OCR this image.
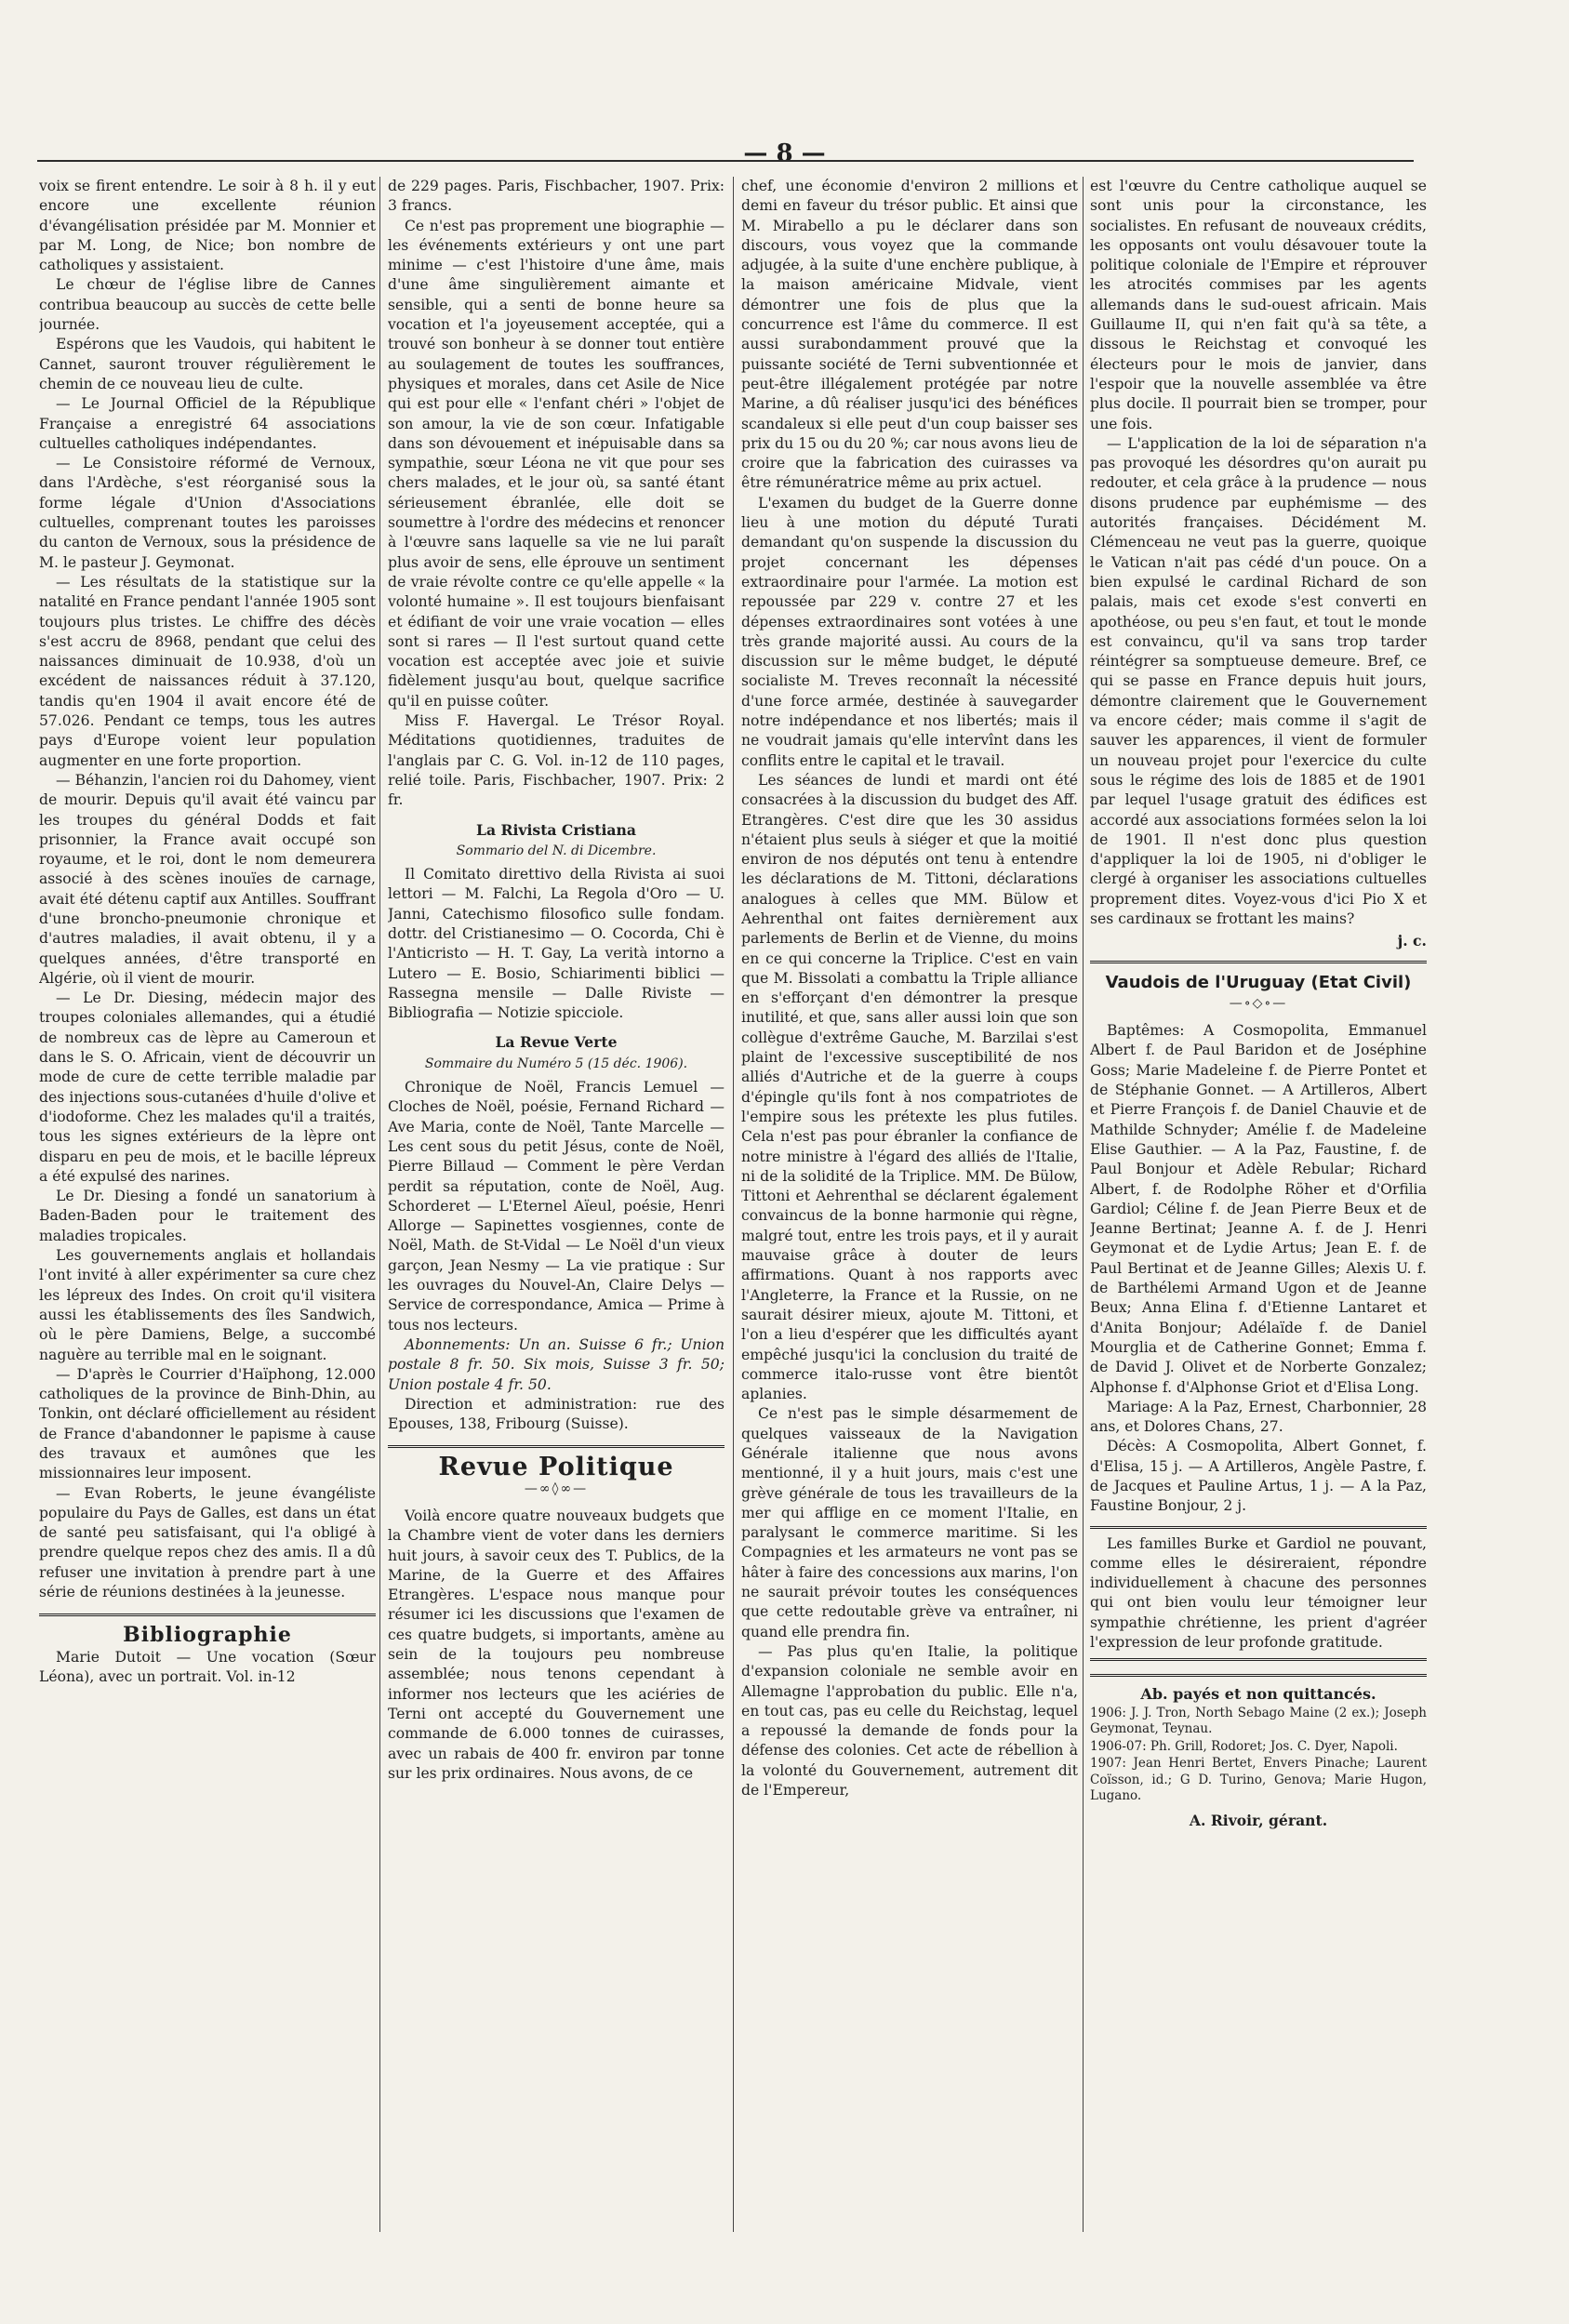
— 8 —

voix se firent entendre. Le soir à 8 h. il y eut encore une excellente réunion d'évangélisation présidée par M. Monnier et par M. Long, de Nice; bon nombre de catholiques y assistaient.

Le chœur de l'église libre de Cannes contribua beaucoup au succès de cette belle journée.

Espérons que les Vaudois, qui habitent le Cannet, sauront trouver régulièrement le chemin de ce nouveau lieu de culte.

— Le Journal Officiel de la République Française a enregistré 64 associations cultuelles catholiques indépendantes.

— Le Consistoire réformé de Vernoux, dans l'Ardèche, s'est réorganisé sous la forme légale d'Union d'Associations cultuelles, comprenant toutes les paroisses du canton de Vernoux, sous la présidence de M. le pasteur J. Geymonat.

— Les résultats de la statistique sur la natalité en France pendant l'année 1905 sont toujours plus tristes. Le chiffre des décès s'est accru de 8968, pendant que celui des naissances diminuait de 10.938, d'où un excédent de naissances réduit à 37.120, tandis qu'en 1904 il avait encore été de 57.026. Pendant ce temps, tous les autres pays d'Europe voient leur population augmenter en une forte proportion.

— Béhanzin, l'ancien roi du Dahomey, vient de mourir. Depuis qu'il avait été vaincu par les troupes du général Dodds et fait prisonnier, la France avait occupé son royaume, et le roi, dont le nom demeurera associé à des scènes inouïes de carnage, avait été détenu captif aux Antilles. Souffrant d'une broncho-pneumonie chronique et d'autres maladies, il avait obtenu, il y a quelques années, d'être transporté en Algérie, où il vient de mourir.

— Le Dr. Diesing, médecin major des troupes coloniales allemandes, qui a étudié de nombreux cas de lèpre au Cameroun et dans le S. O. Africain, vient de découvrir un mode de cure de cette terrible maladie par des injections sous-cutanées d'huile d'olive et d'iodoforme. Chez les malades qu'il a traités, tous les signes extérieurs de la lèpre ont disparu en peu de mois, et le bacille lépreux a été expulsé des narines.

Le Dr. Diesing a fondé un sanatorium à Baden-Baden pour le traitement des maladies tropicales.

Les gouvernements anglais et hollandais l'ont invité à aller expérimenter sa cure chez les lépreux des Indes. On croit qu'il visitera aussi les établissements des îles Sandwich, où le père Damiens, Belge, a succombé naguère au terrible mal en le soignant.

— D'après le Courrier d'Haïphong, 12.000 catholiques de la province de Binh-Dhin, au Tonkin, ont déclaré officiellement au résident de France d'abandonner le papisme à cause des travaux et aumônes que les missionnaires leur imposent.

— Evan Roberts, le jeune évangéliste populaire du Pays de Galles, est dans un état de santé peu satisfaisant, qui l'a obligé à prendre quelque repos chez des amis. Il a dû refuser une invitation à prendre part à une série de réunions destinées à la jeunesse.

Bibliographie

Marie Dutoit — Une vocation (Sœur Léona), avec un portrait. Vol. in-12

de 229 pages. Paris, Fischbacher, 1907. Prix: 3 francs.

Ce n'est pas proprement une biographie — les événements extérieurs y ont une part minime — c'est l'histoire d'une âme, mais d'une âme singulièrement aimante et sensible, qui a senti de bonne heure sa vocation et l'a joyeusement acceptée, qui a trouvé son bonheur à se donner tout entière au soulagement de toutes les souffrances, physiques et morales, dans cet Asile de Nice qui est pour elle « l'enfant chéri » l'objet de son amour, la vie de son cœur. Infatigable dans son dévouement et inépuisable dans sa sympathie, sœur Léona ne vit que pour ses chers malades, et le jour où, sa santé étant sérieusement ébranlée, elle doit se soumettre à l'ordre des médecins et renoncer à l'œuvre sans laquelle sa vie ne lui paraît plus avoir de sens, elle éprouve un sentiment de vraie révolte contre ce qu'elle appelle « la volonté humaine ». Il est toujours bienfaisant et édifiant de voir une vraie vocation — elles sont si rares — Il l'est surtout quand cette vocation est acceptée avec joie et suivie fidèlement jusqu'au bout, quelque sacrifice qu'il en puisse coûter.

Miss F. Havergal. Le Trésor Royal. Méditations quotidiennes, traduites de l'anglais par C. G. Vol. in-12 de 110 pages, relié toile. Paris, Fischbacher, 1907. Prix: 2 fr.

La Rivista Cristiana
Sommario del N. di Dicembre.

Il Comitato direttivo della Rivista ai suoi lettori — M. Falchi, La Regola d'Oro — U. Janni, Catechismo filosofico sulle fondam. dottr. del Cristianesimo — O. Cocorda, Chi è l'Anticristo — H. T. Gay, La verità intorno a Lutero — E. Bosio, Schiarimenti biblici — Rassegna mensile — Dalle Riviste — Bibliografia — Notizie spicciole.

La Revue Verte
Sommaire du Numéro 5 (15 déc. 1906).

Chronique de Noël, Francis Lemuel — Cloches de Noël, poésie, Fernand Richard — Ave Maria, conte de Noël, Tante Marcelle — Les cent sous du petit Jésus, conte de Noël, Pierre Billaud — Comment le père Verdan perdit sa réputation, conte de Noël, Aug. Schorderet — L'Eternel Aïeul, poésie, Henri Allorge — Sapinettes vosgiennes, conte de Noël, Math. de St-Vidal — Le Noël d'un vieux garçon, Jean Nesmy — La vie pratique : Sur les ouvrages du Nouvel-An, Claire Delys — Service de correspondance, Amica — Prime à tous nos lecteurs.

Abonnements: Un an. Suisse 6 fr.; Union postale 8 fr. 50. Six mois, Suisse 3 fr. 50; Union postale 4 fr. 50.

Direction et administration: rue des Epouses, 138, Fribourg (Suisse).

Revue Politique
—∞◊∞—

Voilà encore quatre nouveaux budgets que la Chambre vient de voter dans les derniers huit jours, à savoir ceux des T. Publics, de la Marine, de la Guerre et des Affaires Etrangères. L'espace nous manque pour résumer ici les discussions que l'examen de ces quatre budgets, si importants, amène au sein de la toujours peu nombreuse assemblée; nous tenons cependant à informer nos lecteurs que les aciéries de Terni ont accepté du Gouvernement une commande de 6.000 tonnes de cuirasses, avec un rabais de 400 fr. environ par tonne sur les prix ordinaires. Nous avons, de ce

chef, une économie d'environ 2 millions et demi en faveur du trésor public. Et ainsi que M. Mirabello a pu le déclarer dans son discours, vous voyez que la commande adjugée, à la suite d'une enchère publique, à la maison américaine Midvale, vient démontrer une fois de plus que la concurrence est l'âme du commerce. Il est aussi surabondamment prouvé que la puissante société de Terni subventionnée et peut-être illégalement protégée par notre Marine, a dû réaliser jusqu'ici des bénéfices scandaleux si elle peut d'un coup baisser ses prix du 15 ou du 20 %; car nous avons lieu de croire que la fabrication des cuirasses va être rémunératrice même au prix actuel.

L'examen du budget de la Guerre donne lieu à une motion du député Turati demandant qu'on suspende la discussion du projet concernant les dépenses extraordinaire pour l'armée. La motion est repoussée par 229 v. contre 27 et les dépenses extraordinaires sont votées à une très grande majorité aussi. Au cours de la discussion sur le même budget, le député socialiste M. Treves reconnaît la nécessité d'une force armée, destinée à sauvegarder notre indépendance et nos libertés; mais il ne voudrait jamais qu'elle intervînt dans les conflits entre le capital et le travail.

Les séances de lundi et mardi ont été consacrées à la discussion du budget des Aff. Etrangères. C'est dire que les 30 assidus n'étaient plus seuls à siéger et que la moitié environ de nos députés ont tenu à entendre les déclarations de M. Tittoni, déclarations analogues à celles que MM. Bülow et Aehrenthal ont faites dernièrement aux parlements de Berlin et de Vienne, du moins en ce qui concerne la Triplice. C'est en vain que M. Bissolati a combattu la Triple alliance en s'efforçant d'en démontrer la presque inutilité, et que, sans aller aussi loin que son collègue d'extrême Gauche, M. Barzilai s'est plaint de l'excessive susceptibilité de nos alliés d'Autriche et de la guerre à coups d'épingle qu'ils font à nos compatriotes de l'empire sous les prétexte les plus futiles. Cela n'est pas pour ébranler la confiance de notre ministre à l'égard des alliés de l'Italie, ni de la solidité de la Triplice. MM. De Bülow, Tittoni et Aehrenthal se déclarent également convaincus de la bonne harmonie qui règne, malgré tout, entre les trois pays, et il y aurait mauvaise grâce à douter de leurs affirmations. Quant à nos rapports avec l'Angleterre, la France et la Russie, on ne saurait désirer mieux, ajoute M. Tittoni, et l'on a lieu d'espérer que les difficultés ayant empêché jusqu'ici la conclusion du traité de commerce italo-russe vont être bientôt aplanies.

Ce n'est pas le simple désarmement de quelques vaisseaux de la Navigation Générale italienne que nous avons mentionné, il y a huit jours, mais c'est une grève générale de tous les travailleurs de la mer qui afflige en ce moment l'Italie, en paralysant le commerce maritime. Si les Compagnies et les armateurs ne vont pas se hâter à faire des concessions aux marins, l'on ne saurait prévoir toutes les conséquences que cette redoutable grève va entraîner, ni quand elle prendra fin.

— Pas plus qu'en Italie, la politique d'expansion coloniale ne semble avoir en Allemagne l'approbation du public. Elle n'a, en tout cas, pas eu celle du Reichstag, lequel a repoussé la demande de fonds pour la défense des colonies. Cet acte de rébellion à la volonté du Gouvernement, autrement dit de l'Empereur,

est l'œuvre du Centre catholique auquel se sont unis pour la circonstance, les socialistes. En refusant de nouveaux crédits, les opposants ont voulu désavouer toute la politique coloniale de l'Empire et réprouver les atrocités commises par les agents allemands dans le sud-ouest africain. Mais Guillaume II, qui n'en fait qu'à sa tête, a dissous le Reichstag et convoqué les électeurs pour le mois de janvier, dans l'espoir que la nouvelle assemblée va être plus docile. Il pourrait bien se tromper, pour une fois.

— L'application de la loi de séparation n'a pas provoqué les désordres qu'on aurait pu redouter, et cela grâce à la prudence — nous disons prudence par euphémisme — des autorités françaises. Décidément M. Clémenceau ne veut pas la guerre, quoique le Vatican n'ait pas cédé d'un pouce. On a bien expulsé le cardinal Richard de son palais, mais cet exode s'est converti en apothéose, ou peu s'en faut, et tout le monde est convaincu, qu'il va sans trop tarder réintégrer sa somptueuse demeure. Bref, ce qui se passe en France depuis huit jours, démontre clairement que le Gouvernement va encore céder; mais comme il s'agit de sauver les apparences, il vient de formuler un nouveau projet pour l'exercice du culte sous le régime des lois de 1885 et de 1901 par lequel l'usage gratuit des édifices est accordé aux associations formées selon la loi de 1901. Il n'est donc plus question d'appliquer la loi de 1905, ni d'obliger le clergé à organiser les associations cultuelles proprement dites. Voyez-vous d'ici Pio X et ses cardinaux se frottant les mains?

j. c.
Vaudois de l'Uruguay (Etat Civil)
—∘◇∘—

Baptêmes: A Cosmopolita, Emmanuel Albert f. de Paul Baridon et de Joséphine Goss; Marie Madeleine f. de Pierre Pontet et de Stéphanie Gonnet. — A Artilleros, Albert et Pierre François f. de Daniel Chauvie et de Mathilde Schnyder; Amélie f. de Madeleine Elise Gauthier. — A la Paz, Faustine, f. de Paul Bonjour et Adèle Rebular; Richard Albert, f. de Rodolphe Röher et d'Orfilia Gardiol; Céline f. de Jean Pierre Beux et de Jeanne Bertinat; Jeanne A. f. de J. Henri Geymonat et de Lydie Artus; Jean E. f. de Paul Bertinat et de Jeanne Gilles; Alexis U. f. de Barthélemi Armand Ugon et de Jeanne Beux; Anna Elina f. d'Etienne Lantaret et d'Anita Bonjour; Adélaïde f. de Daniel Mourglia et de Catherine Gonnet; Emma f. de David J. Olivet et de Norberte Gonzalez; Alphonse f. d'Alphonse Griot et d'Elisa Long.

Mariage: A la Paz, Ernest, Charbonnier, 28 ans, et Dolores Chans, 27.

Décès: A Cosmopolita, Albert Gonnet, f. d'Elisa, 15 j. — A Artilleros, Angèle Pastre, f. de Jacques et Pauline Artus, 1 j. — A la Paz, Faustine Bonjour, 2 j.

Les familles Burke et Gardiol ne pouvant, comme elles le désireraient, répondre individuellement à chacune des personnes qui ont bien voulu leur témoigner leur sympathie chrétienne, les prient d'agréer l'expression de leur profonde gratitude.

Ab. payés et non quittancés.

1906: J. J. Tron, North Sebago Maine (2 ex.); Joseph Geymonat, Teynau.

1906-07: Ph. Grill, Rodoret; Jos. C. Dyer, Napoli.

1907: Jean Henri Bertet, Envers Pinache; Laurent Coïsson, id.; G D. Turino, Genova; Marie Hugon, Lugano.

A. Rivoir, gérant.
